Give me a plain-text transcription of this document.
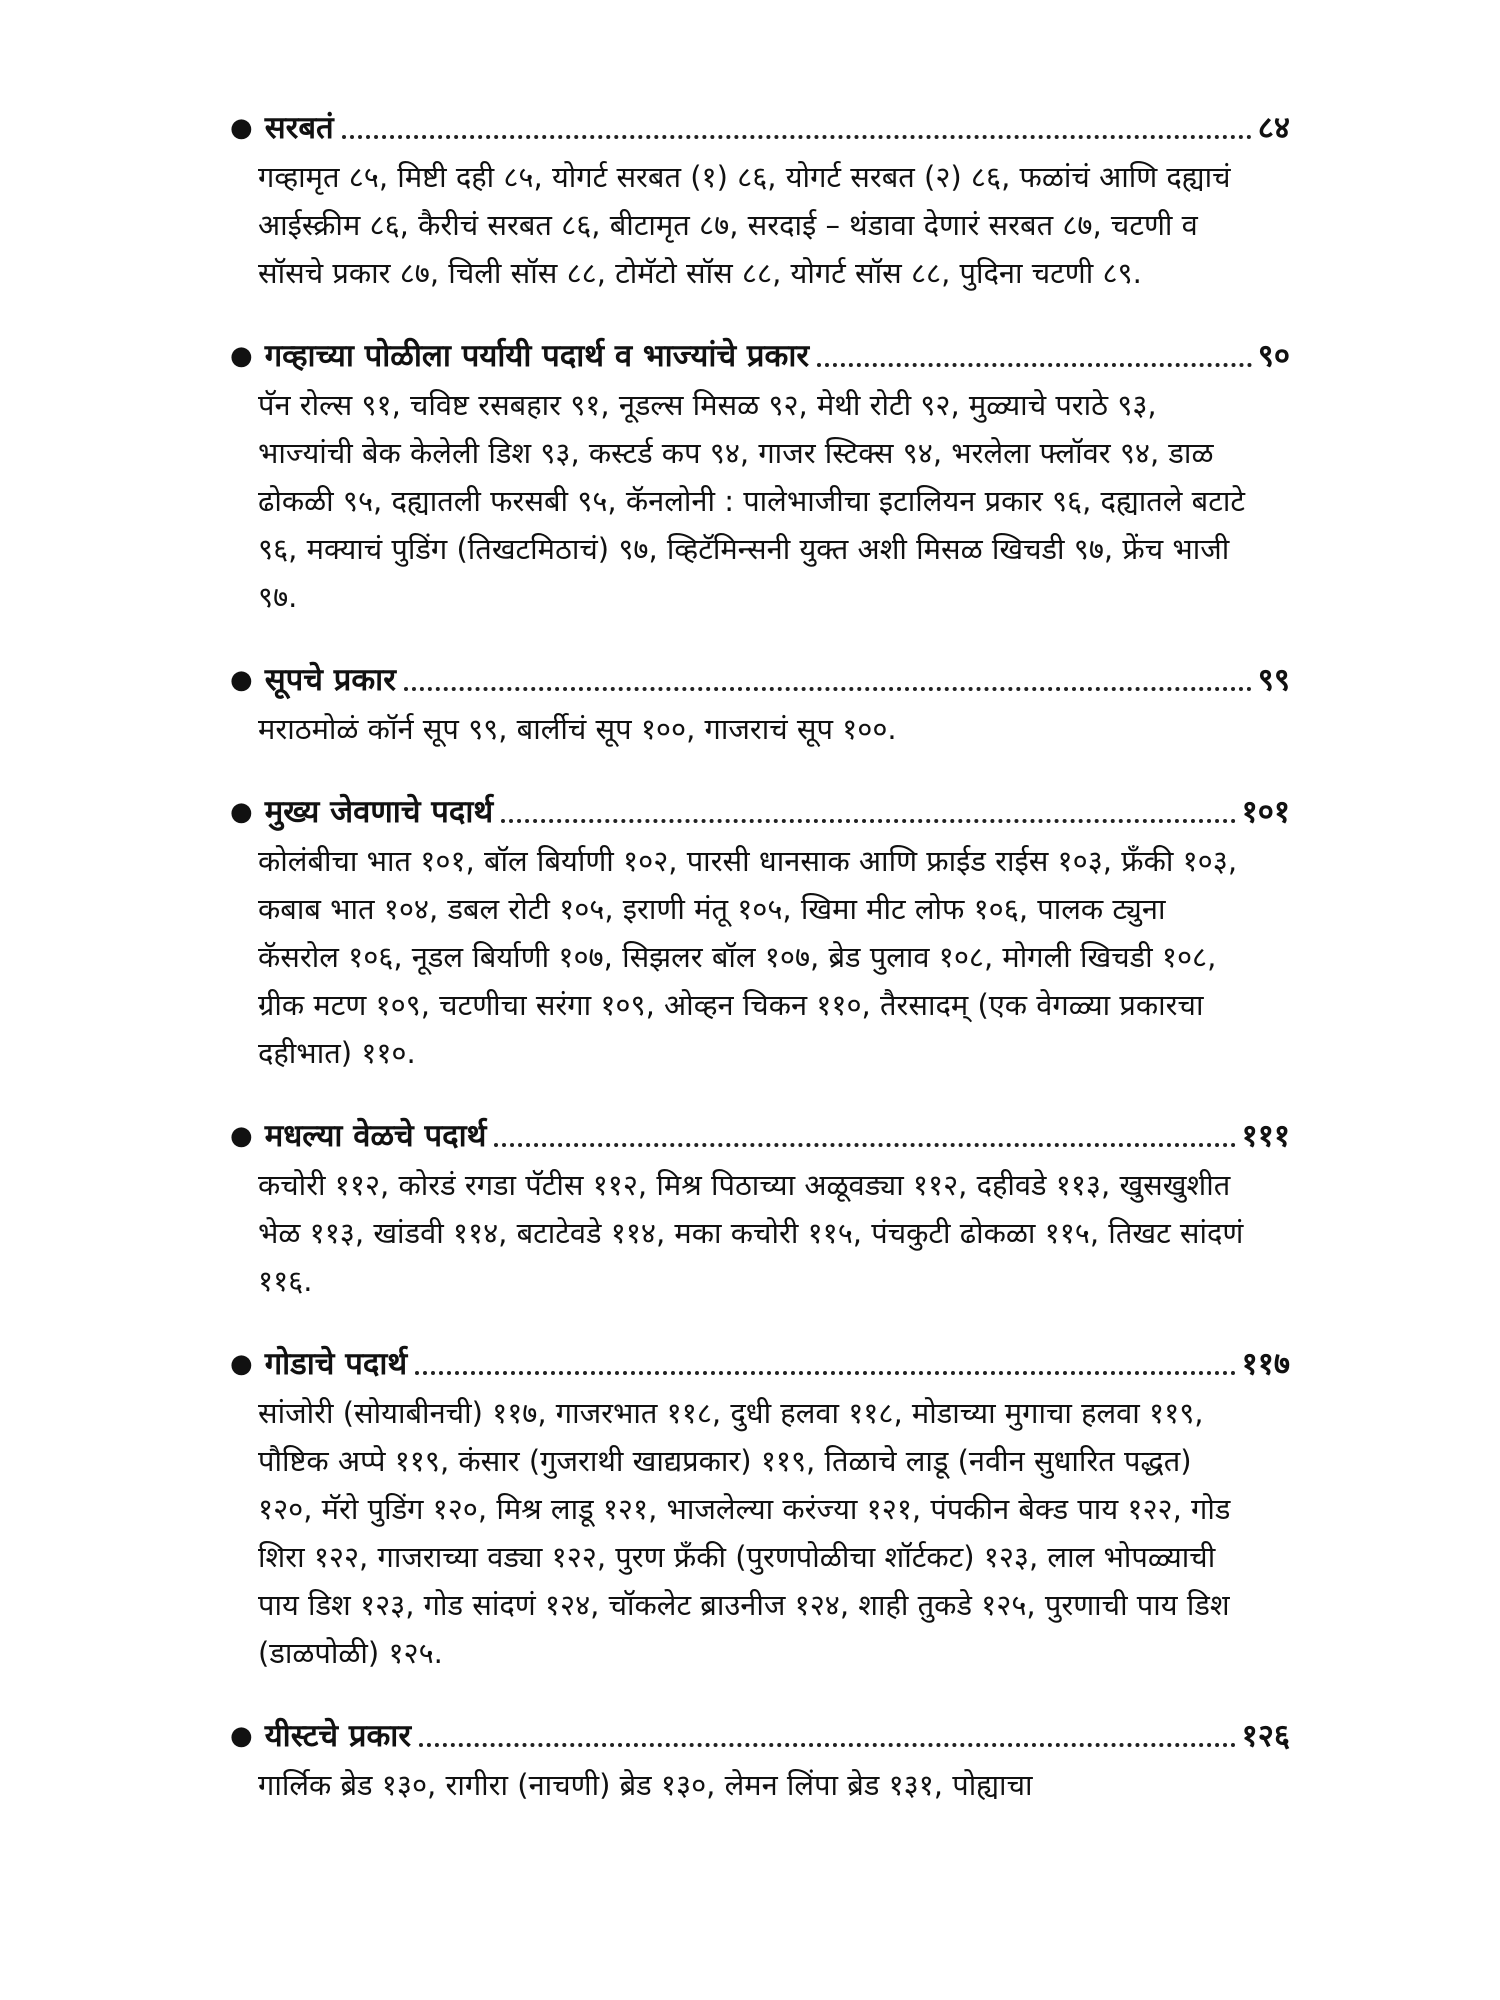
● सरबतं	८४
गव्हामृत ८५, मिष्टी दही ८५, योगर्ट सरबत (१) ८६, योगर्ट सरबत (२) ८६, फळांचं आणि दह्याचं आईस्क्रीम ८६, कैरीचं सरबत ८६, बीटामृत ८७, सरदाई – थंडावा देणारं सरबत ८७, चटणी व सॉसचे प्रकार ८७, चिली सॉस ८८, टोमॅटो सॉस ८८, योगर्ट सॉस ८८, पुदिना चटणी ८९.
● गव्हाच्या पोळीला पर्यायी पदार्थ व भाज्यांचे प्रकार	९०
पॅन रोल्स ९१, चविष्ट रसबहार ९१, नूडल्स मिसळ ९२, मेथी रोटी ९२, मुळ्याचे पराठे ९३, भाज्यांची बेक केलेली डिश ९३, कस्टर्ड कप ९४, गाजर स्टिक्स ९४, भरलेला फ्लॉवर ९४, डाळ ढोकळी ९५, दह्यातली फरसबी ९५, कॅनलोनी : पालेभाजीचा इटालियन प्रकार ९६, दह्यातले बटाटे ९६, मक्याचं पुडिंग (तिखटमिठाचं) ९७, व्हिटॅमिन्सनी युक्त अशी मिसळ खिचडी ९७, फ्रेंच भाजी ९७.
● सूपचे प्रकार	९९
मराठमोळं कॉर्न सूप ९९, बार्लीचं सूप १००, गाजराचं सूप १००.
● मुख्य जेवणाचे पदार्थ	१०१
कोलंबीचा भात १०१, बॉल बिर्याणी १०२, पारसी धानसाक आणि फ्राईड राईस १०३, फ्रँकी १०३, कबाब भात १०४, डबल रोटी १०५, इराणी मंतू १०५, खिमा मीट लोफ १०६, पालक ट्युना कॅसरोल १०६, नूडल बिर्याणी १०७, सिझलर बॉल १०७, ब्रेड पुलाव १०८, मोगली खिचडी १०८, ग्रीक मटण १०९, चटणीचा सरंगा १०९, ओव्हन चिकन ११०, तैरसादम् (एक वेगळ्या प्रकारचा दहीभात) ११०.
● मधल्या वेळचे पदार्थ	१११
कचोरी ११२, कोरडं रगडा पॅटीस ११२, मिश्र पिठाच्या अळूवड्या ११२, दहीवडे ११३, खुसखुशीत भेळ ११३, खांडवी ११४, बटाटेवडे ११४, मका कचोरी ११५, पंचकुटी ढोकळा ११५, तिखट सांदणं ११६.
● गोडाचे पदार्थ	११७
सांजोरी (सोयाबीनची) ११७, गाजरभात ११८, दुधी हलवा ११८, मोडाच्या मुगाचा हलवा ११९, पौष्टिक अप्पे ११९, कंसार (गुजराथी खाद्यप्रकार) ११९, तिळाचे लाडू (नवीन सुधारित पद्धत) १२०, मॅरो पुडिंग १२०, मिश्र लाडू १२१, भाजलेल्या करंज्या १२१, पंपकीन बेक्ड पाय १२२, गोड शिरा १२२, गाजराच्या वड्या १२२, पुरण फ्रँकी (पुरणपोळीचा शॉर्टकट) १२३, लाल भोपळ्याची पाय डिश १२३, गोड सांदणं १२४, चॉकलेट ब्राउनीज १२४, शाही तुकडे १२५, पुरणाची पाय डिश (डाळपोळी) १२५.
● यीस्टचे प्रकार	१२६
गार्लिक ब्रेड १३०, रागीरा (नाचणी) ब्रेड १३०, लेमन लिंपा ब्रेड १३१, पोह्याचा
